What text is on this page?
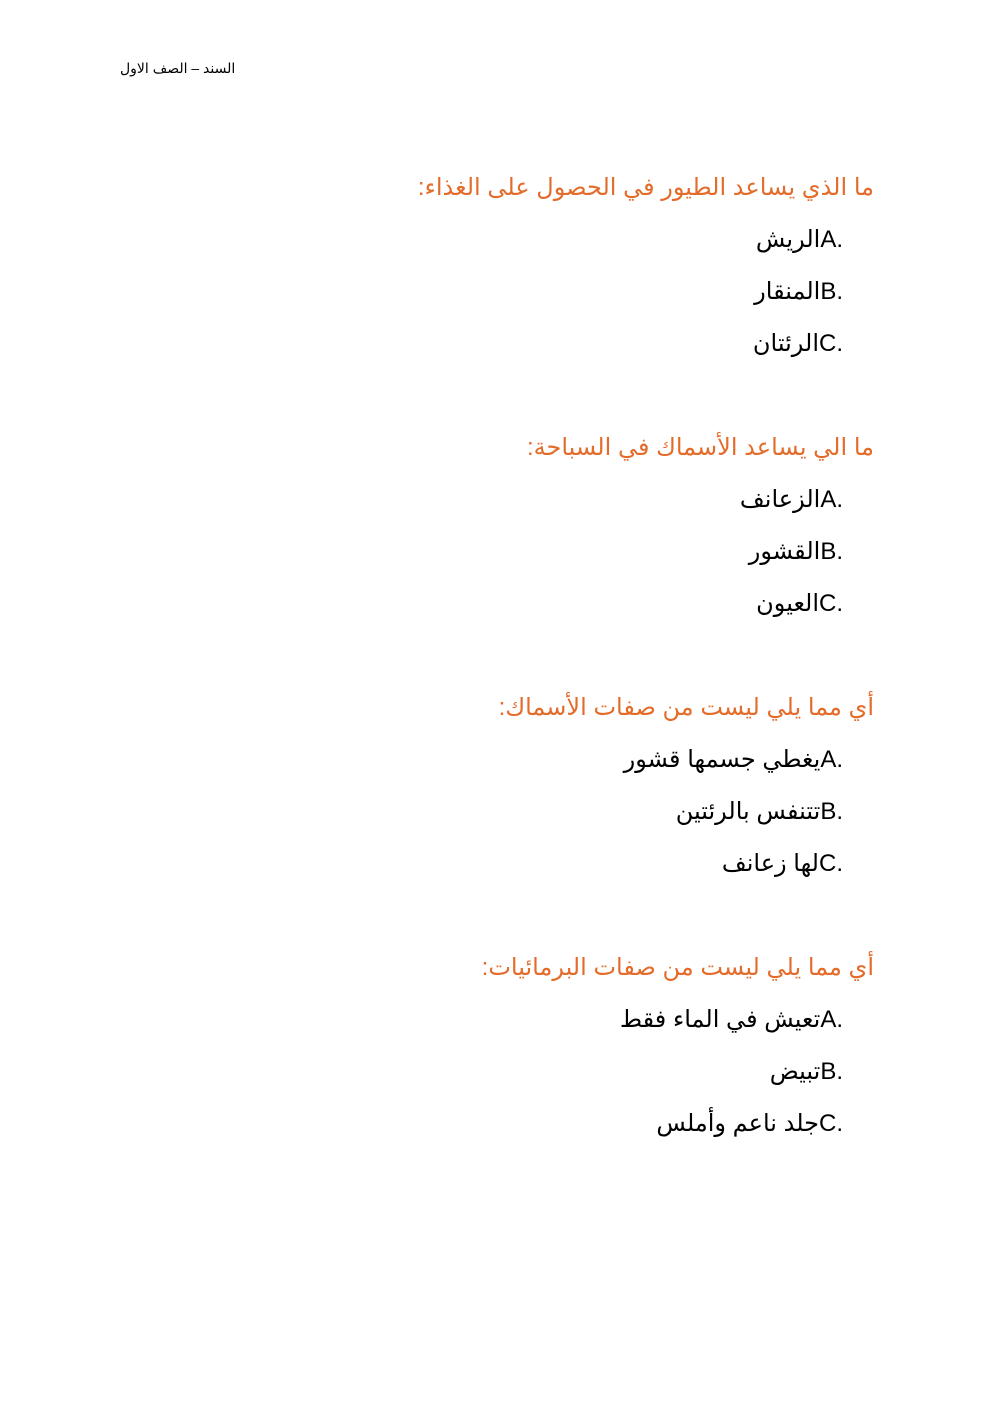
السند – الصف الاول

ما الذي يساعد الطيور في الحصول على الغذاء:

A.الريش
B.المنقار
C.الرئتان

ما الي يساعد الأسماك في السباحة:

A.الزعانف
B.القشور
C.العيون

أي مما يلي ليست من صفات الأسماك:

A.يغطي جسمها قشور
B.تتنفس بالرئتين
C.لها زعانف

أي مما يلي ليست من صفات البرمائيات:

A.تعيش في الماء فقط
B.تبيض
C.جلد ناعم وأملس
